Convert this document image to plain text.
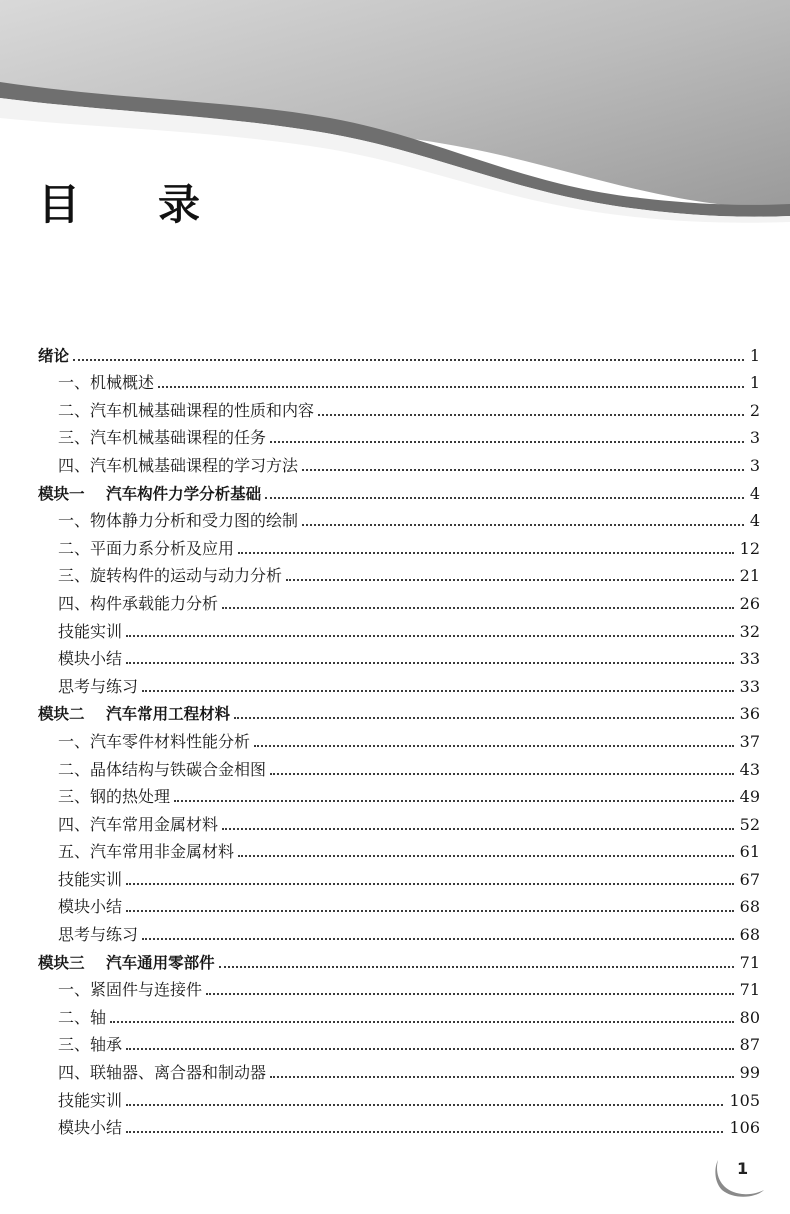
目 录
绪论	1
一、机械概述	1
二、汽车机械基础课程的性质和内容	2
三、汽车机械基础课程的任务	3
四、汽车机械基础课程的学习方法	3
模块一    汽车构件力学分析基础	4
一、物体静力分析和受力图的绘制	4
二、平面力系分析及应用	12
三、旋转构件的运动与动力分析	21
四、构件承载能力分析	26
技能实训	32
模块小结	33
思考与练习	33
模块二    汽车常用工程材料	36
一、汽车零件材料性能分析	37
二、晶体结构与铁碳合金相图	43
三、钢的热处理	49
四、汽车常用金属材料	52
五、汽车常用非金属材料	61
技能实训	67
模块小结	68
思考与练习	68
模块三    汽车通用零部件	71
一、紧固件与连接件	71
二、轴	80
三、轴承	87
四、联轴器、离合器和制动器	99
技能实训	105
模块小结	106
1
